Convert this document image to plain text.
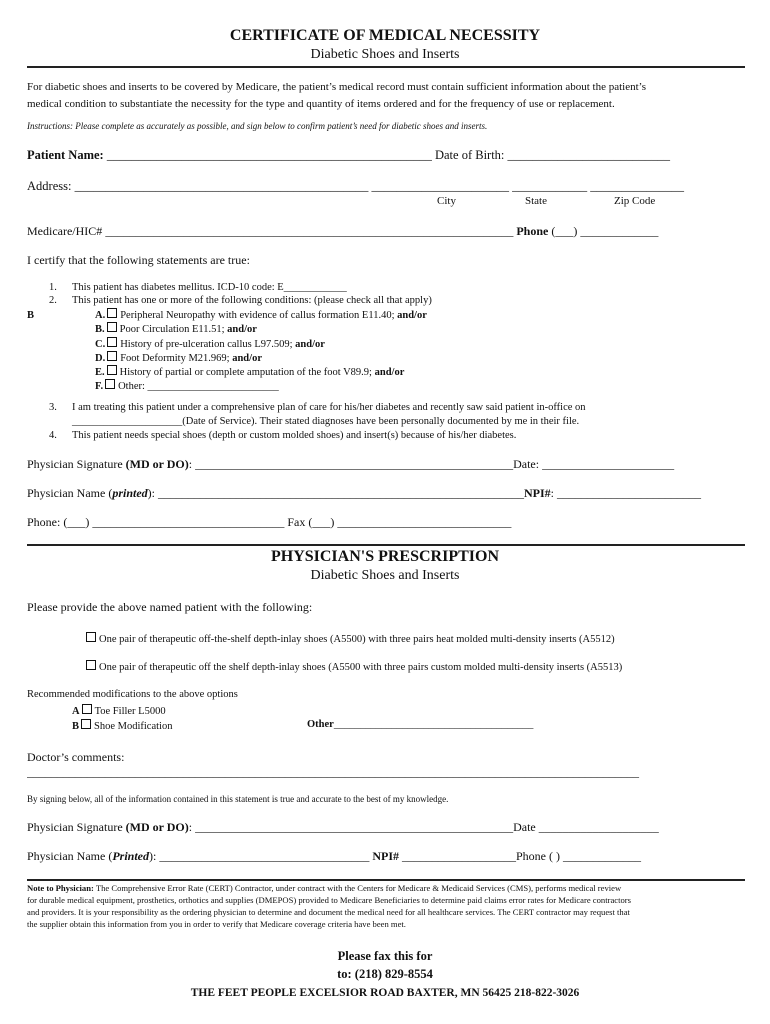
CERTIFICATE OF MEDICAL NECESSITY
Diabetic Shoes and Inserts
For diabetic shoes and inserts to be covered by Medicare, the patient’s medical record must contain sufficient information about the patient’s
medical condition to substantiate the necessity for the type and quantity of items ordered and for the frequency of use or replacement.
Instructions: Please complete as accurately as possible, and sign below to confirm patient’s need for diabetic shoes and inserts.
Patient Name: ____________________________________________________ Date of Birth: __________________________
Address: _______________________________________________ ______________________ ____________ _______________
City	State	Zip Code
Medicare/HIC# ____________________________________________________________________ Phone (___) _____________
I certify that the following statements are true:
1. This patient has diabetes mellitus. ICD-10 code: E____________
2. This patient has one or more of the following conditions: (please check all that apply)
B	A. Peripheral Neuropathy with evidence of callus formation E11.40; and/or
B. Poor Circulation E11.51; and/or
C. History of pre-ulceration callus L97.509; and/or
D. Foot Deformity M21.969; and/or
E. History of partial or complete amputation of the foot V89.9; and/or
F. Other: _________________________
3. I am treating this patient under a comprehensive plan of care for his/her diabetes and recently saw said patient in-office on
_____________________(Date of Service). Their stated diagnoses have been personally documented by me in their file.
4. This patient needs special shoes (depth or custom molded shoes) and insert(s) because of his/her diabetes.
Physician Signature (MD or DO): _____________________________________________________Date: ______________________
Physician Name (printed): _____________________________________________________________NPI#: ________________________
Phone: (___) ________________________________ Fax (___) _____________________________
PHYSICIAN'S PRESCRIPTION
Diabetic Shoes and Inserts
Please provide the above named patient with the following:
One pair of therapeutic off-the-shelf depth-inlay shoes (A5500) with three pairs heat molded multi-density inserts (A5512)
One pair of therapeutic off the shelf depth-inlay shoes (A5500 with three pairs custom molded multi-density inserts (A5513)
Recommended modifications to the above options
A Toe Filler L5000
B Shoe Modification	Other______________________________________
Doctor’s comments:
______________________________________________________________________________________________________
By signing below, all of the information contained in this statement is true and accurate to the best of my knowledge.
Physician Signature (MD or DO): _____________________________________________________Date ____________________
Physician Name (Printed): ___________________________________ NPI# ___________________Phone ( ) _____________
Note to Physician: The Comprehensive Error Rate (CERT) Contractor, under contract with the Centers for Medicare & Medicaid Services (CMS), performs medical review
for durable medical equipment, prosthetics, orthotics and supplies (DMEPOS) provided to Medicare Beneficiaries to determine paid claims error rates for Medicare contractors
and providers. It is your responsibility as the ordering physician to determine and document the medical need for all healthcare services. The CERT contractor may request that
the supplier obtain this information from you in order to verify that Medicare coverage criteria have been met.
Please fax this for
to: (218) 829-8554
THE FEET PEOPLE EXCELSIOR ROAD BAXTER, MN 56425 218-822-3026
